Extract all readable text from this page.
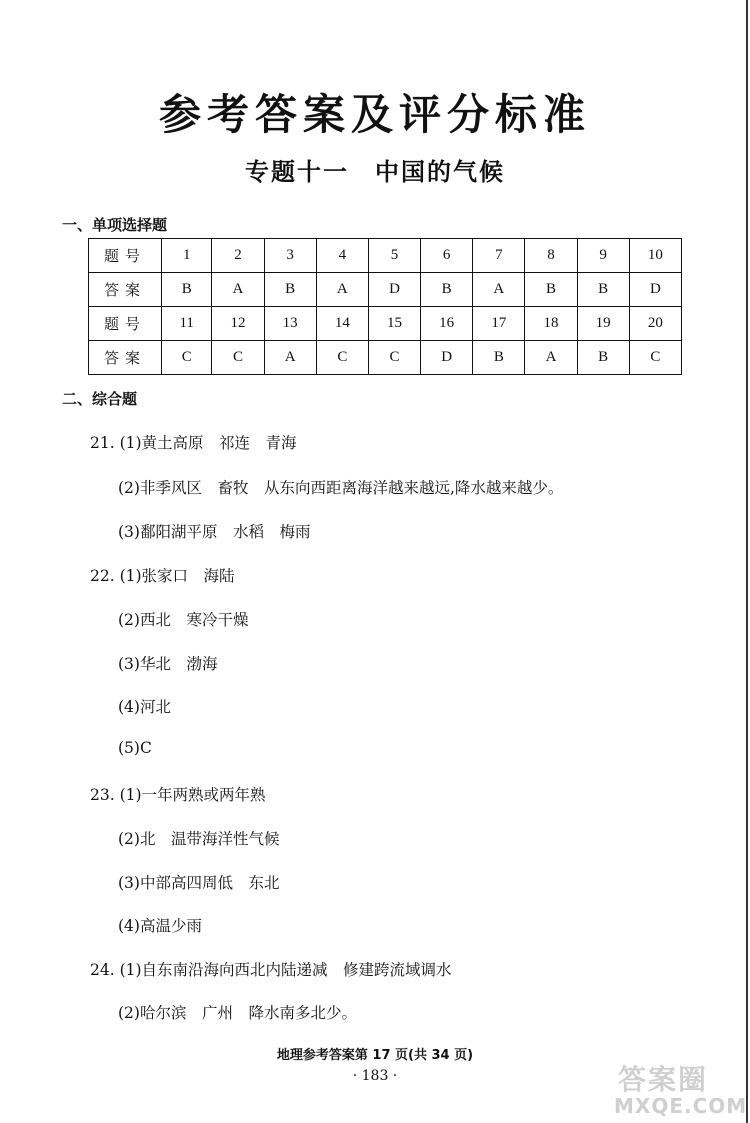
参考答案及评分标准
专题十一　中国的气候
一、单项选择题
题号	1	2	3	4	5	6	7	8	9	10
答案	B	A	B	A	D	B	A	B	B	D
题号	11	12	13	14	15	16	17	18	19	20
答案	C	C	A	C	C	D	B	A	B	C
二、综合题
21. (1)黄土高原　祁连　青海
(2)非季风区　畜牧　从东向西距离海洋越来越远,降水越来越少。
(3)鄱阳湖平原　水稻　梅雨
22. (1)张家口　海陆
(2)西北　寒冷干燥
(3)华北　渤海
(4)河北
(5)C
23. (1)一年两熟或两年熟
(2)北　温带海洋性气候
(3)中部高四周低　东北
(4)高温少雨
24. (1)自东南沿海向西北内陆递减　修建跨流域调水
(2)哈尔滨　广州　降水南多北少。
地理参考答案第 17 页(共 34 页)
· 183 ·	答案圈
MXQE.COM
